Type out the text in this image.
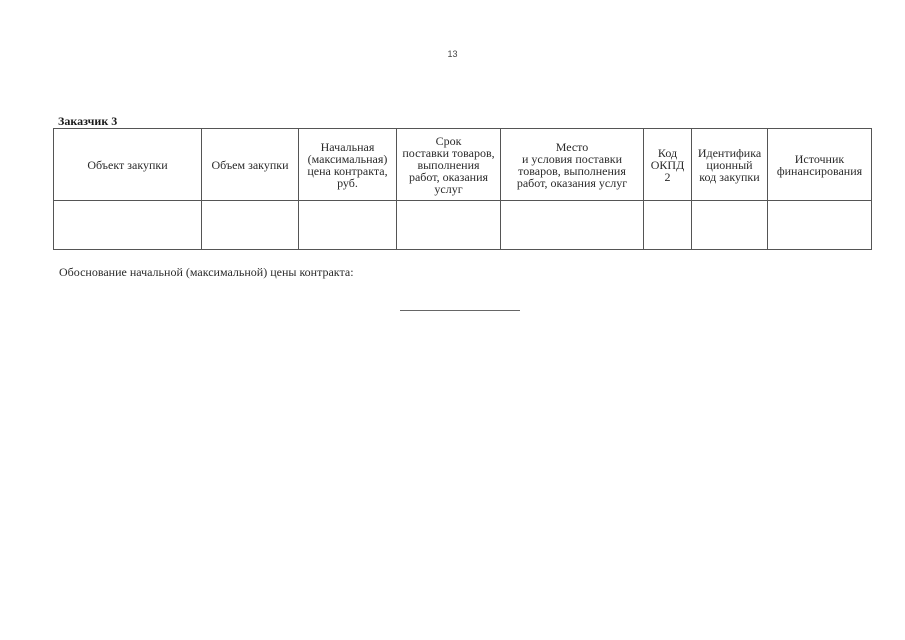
13
Заказчик 3
Объект закупки	Объем закупки	Начальная
(максимальная)
цена контракта,
руб.	Срок
поставки товаров,
выполнения
работ, оказания
услуг	Место
и условия поставки
товаров, выполнения
работ, оказания услуг	Код
ОКПД
2	Идентифика
ционный
код закупки	Источник
финансирования

Обоснование начальной (максимальной) цены контракта:
